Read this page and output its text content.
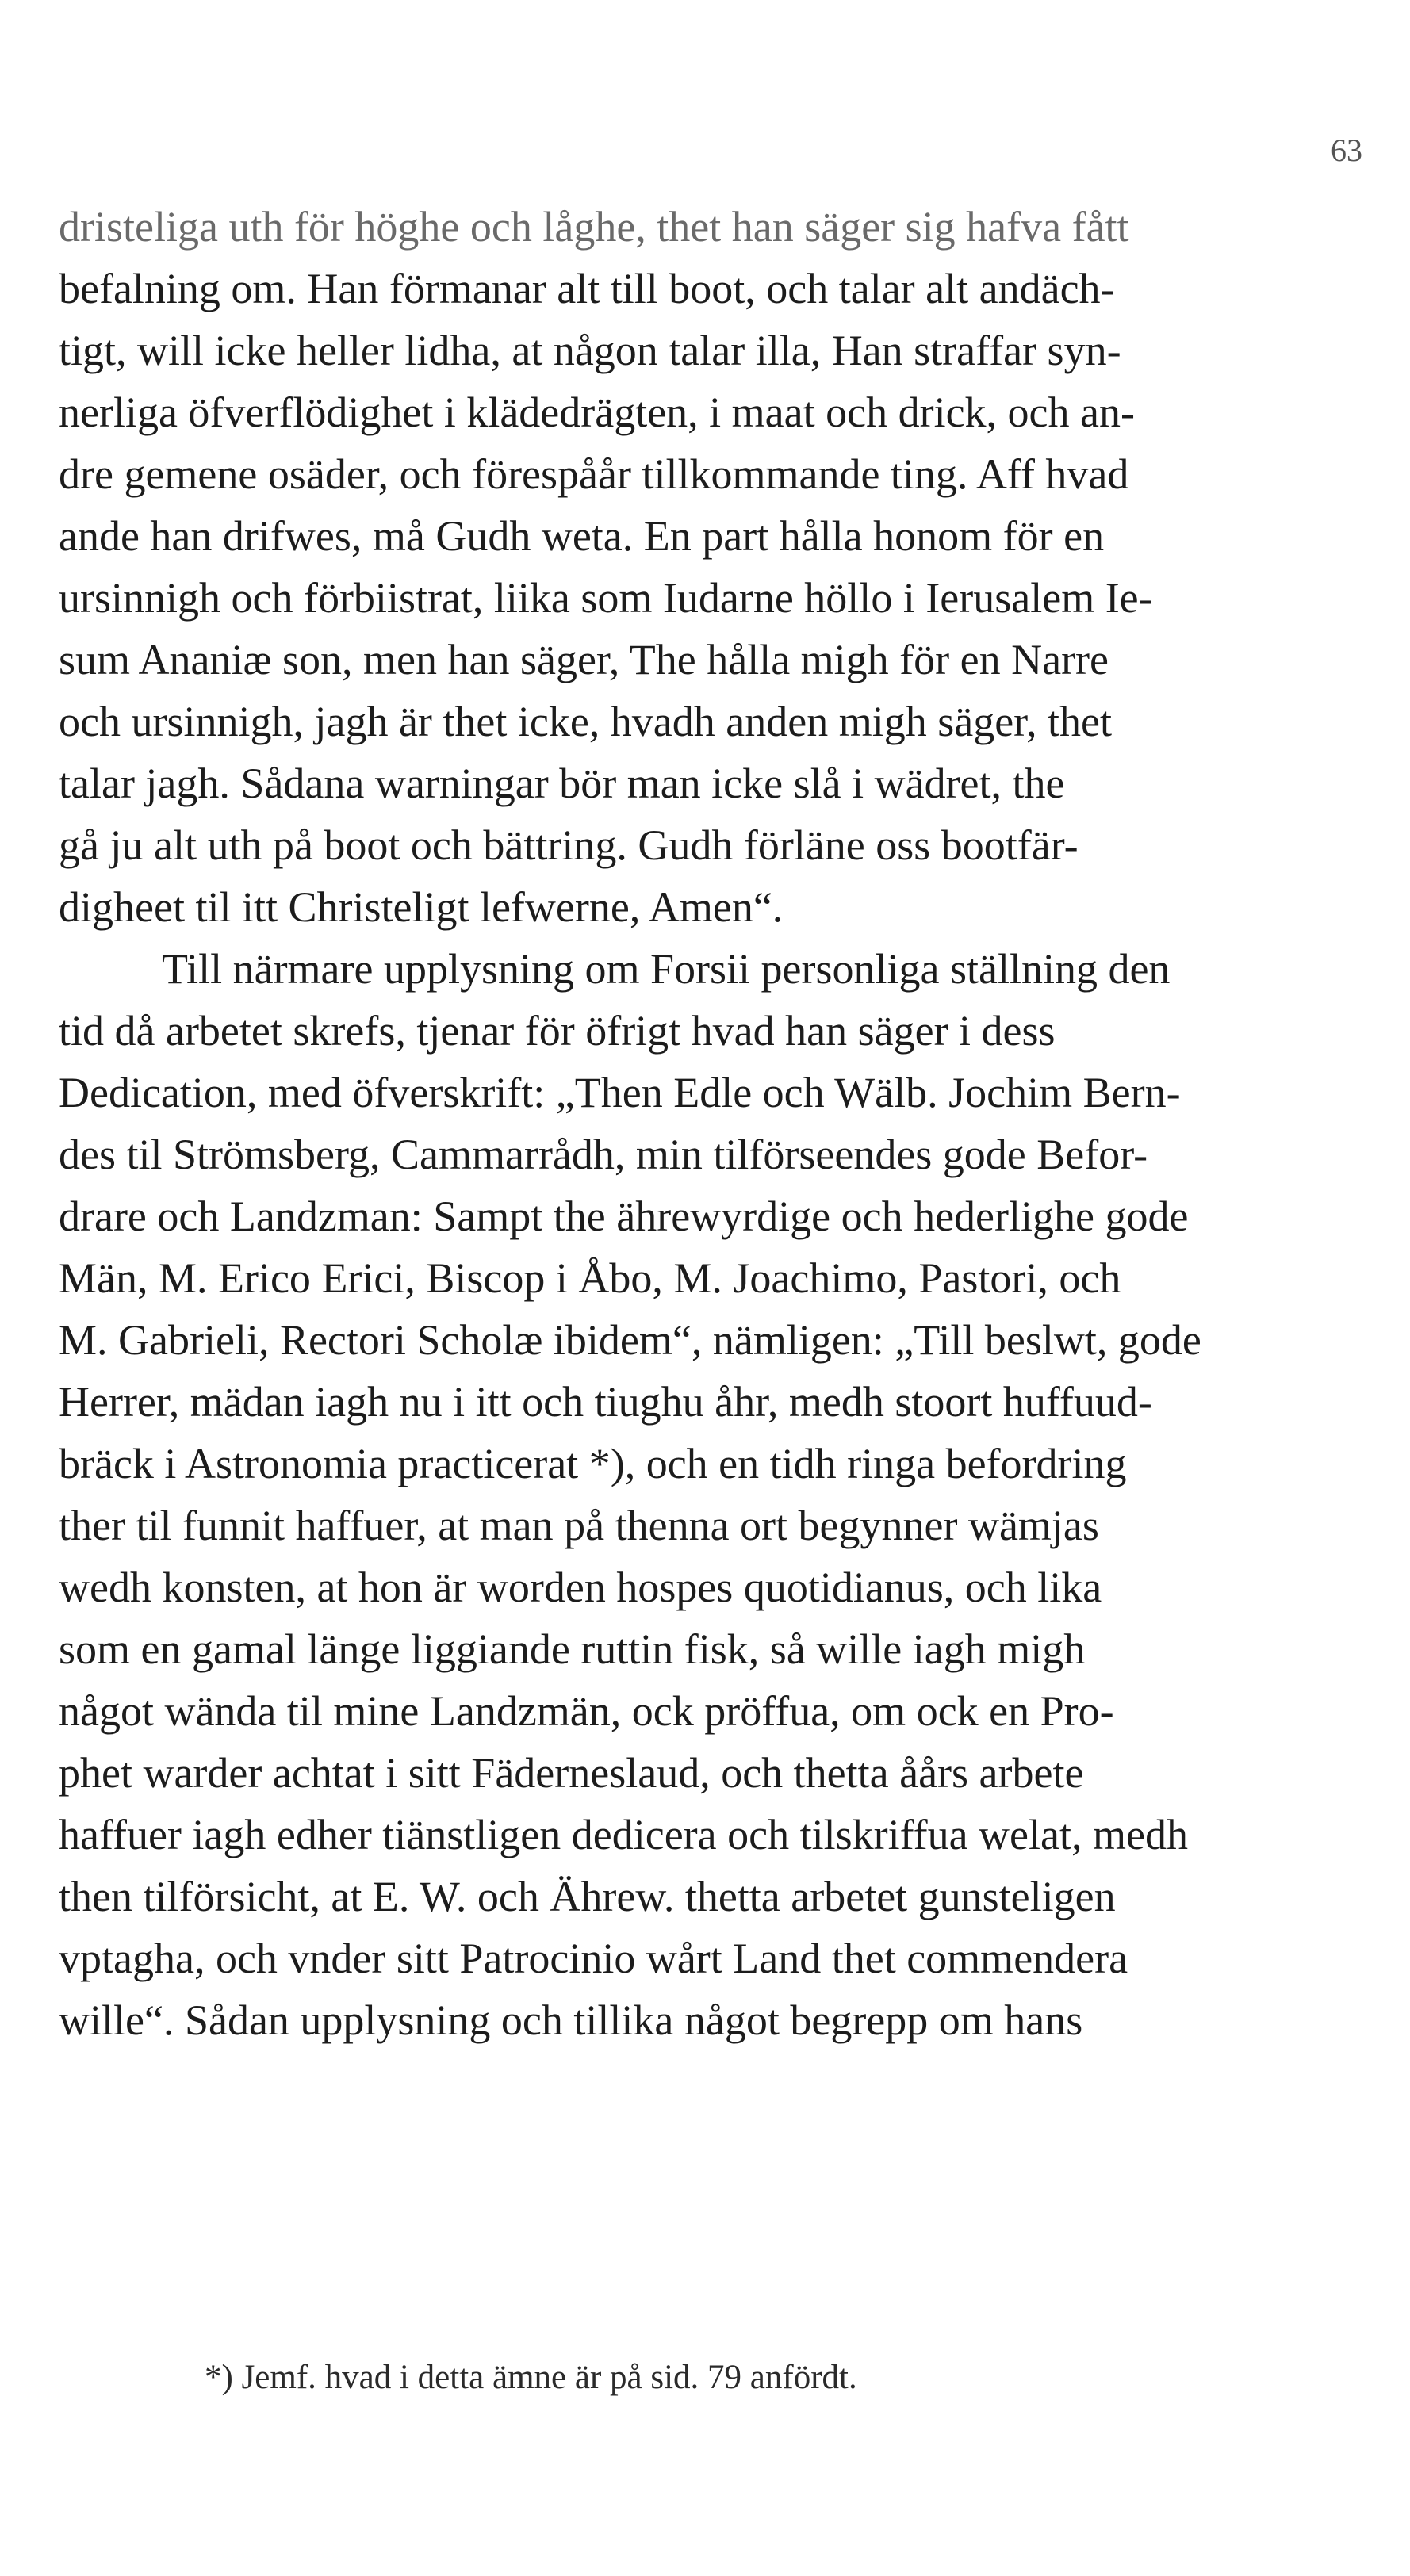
63
dristeliga uth för höghe och låghe, thet han säger sig hafva fått
befalning om. Han förmanar alt till boot, och talar alt andäch-
tigt, will icke heller lidha, at någon talar illa, Han straffar syn-
nerliga öfverflödighet i klädedrägten, i maat och drick, och an-
dre gemene osäder, och förespåår tillkommande ting. Aff hvad
ande han drifwes, må Gudh weta. En part hålla honom för en
ursinnigh och förbiistrat, liika som Iudarne höllo i Ierusalem Ie-
sum Ananiæ son, men han säger, The hålla migh för en Narre
och ursinnigh, jagh är thet icke, hvadh anden migh säger, thet
talar jagh. Sådana warningar bör man icke slå i wädret, the
gå ju alt uth på boot och bättring. Gudh förläne oss bootfär-
digheet til itt Christeligt lefwerne, Amen“.
Till närmare upplysning om Forsii personliga ställning den
tid då arbetet skrefs, tjenar för öfrigt hvad han säger i dess
Dedication, med öfverskrift: „Then Edle och Wälb. Jochim Bern-
des til Strömsberg, Cammarrådh, min tilförseendes gode Befor-
drare och Landzman: Sampt the ährewyrdige och hederlighe gode
Män, M. Erico Erici, Biscop i Åbo, M. Joachimo, Pastori, och
M. Gabrieli, Rectori Scholæ ibidem“, nämligen: „Till beslwt, gode
Herrer, mädan iagh nu i itt och tiughu åhr, medh stoort huffuud-
bräck i Astronomia practicerat *), och en tidh ringa befordring
ther til funnit haffuer, at man på thenna ort begynner wämjas
wedh konsten, at hon är worden hospes quotidianus, och lika
som en gamal länge liggiande ruttin fisk, så wille iagh migh
något wända til mine Landzmän, ock pröffua, om ock en Pro-
phet warder achtat i sitt Fäderneslaud, och thetta åårs arbete
haffuer iagh edher tiänstligen dedicera och tilskriffua welat, medh
then tilförsicht, at E. W. och Ährew. thetta arbetet gunsteligen
vptagha, och vnder sitt Patrocinio wårt Land thet commendera
wille“. Sådan upplysning och tillika något begrepp om hans
*) Jemf. hvad i detta ämne är på sid. 79 anfördt.
